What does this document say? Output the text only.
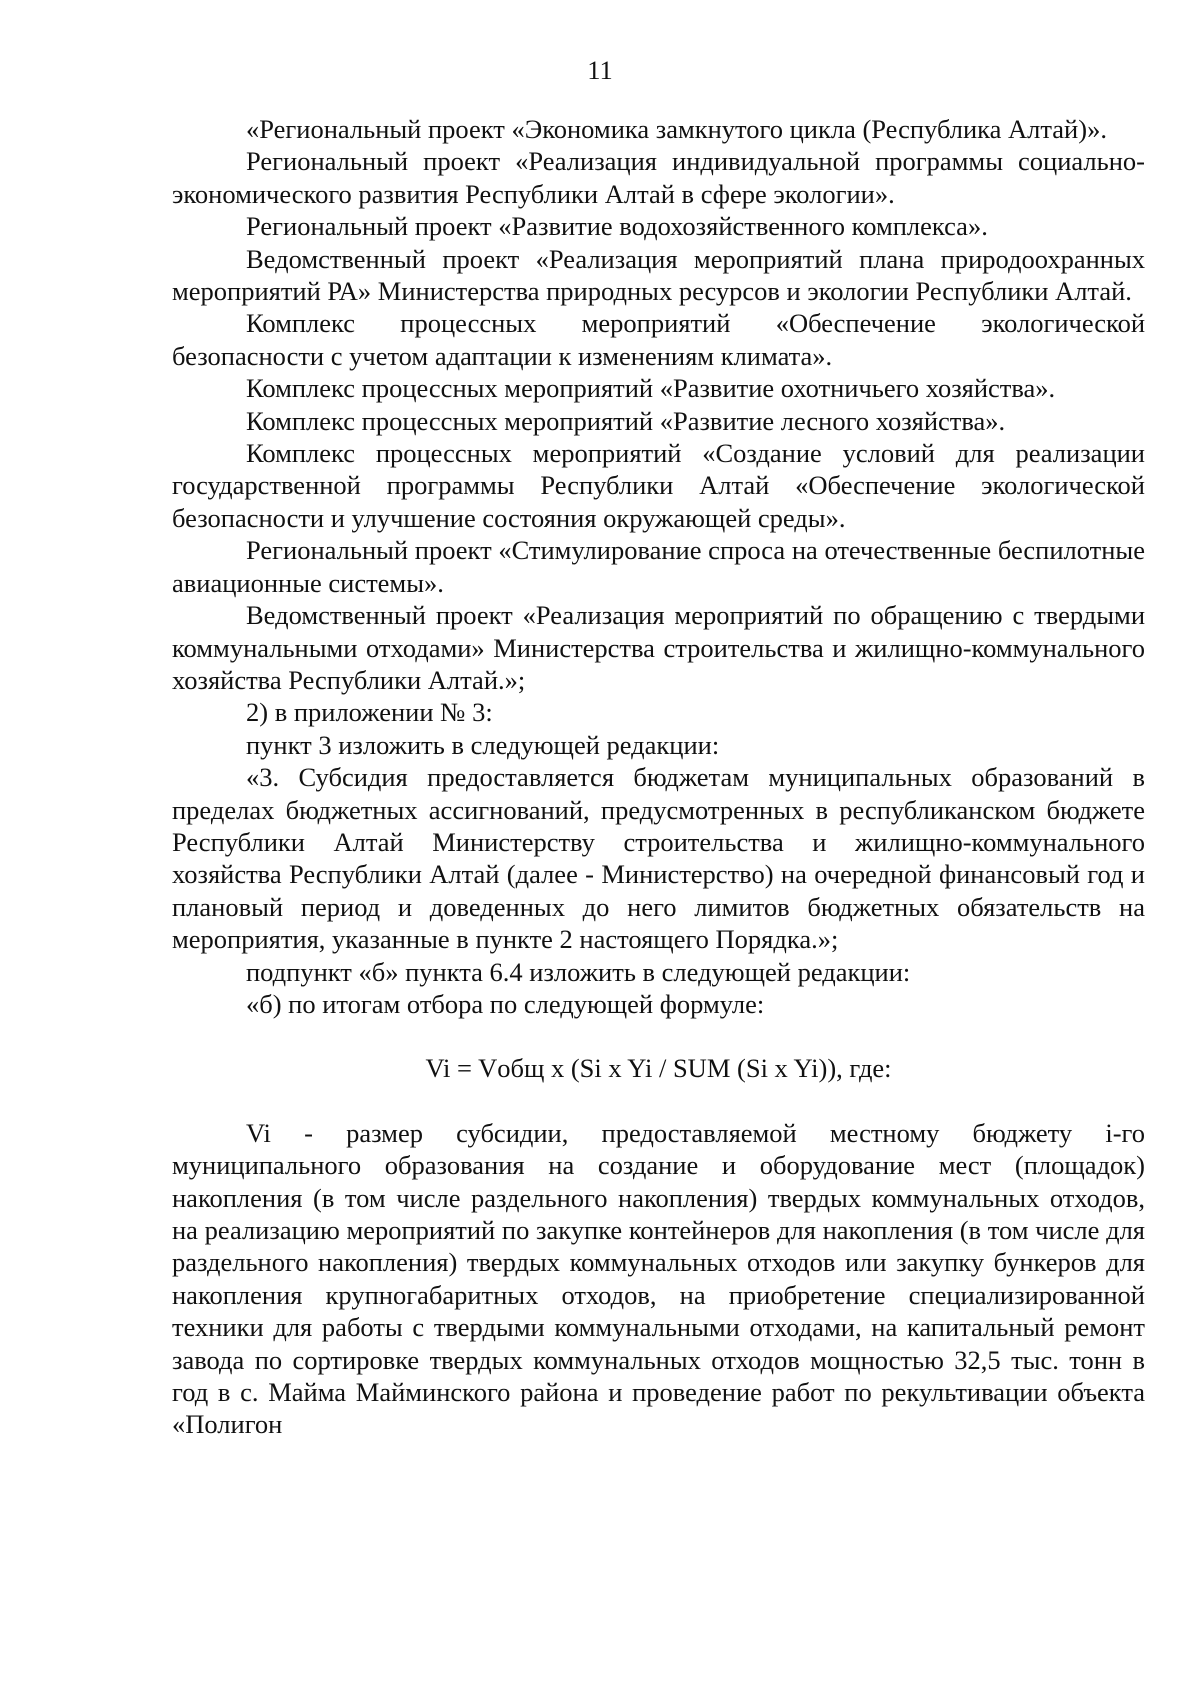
11

«Региональный проект «Экономика замкнутого цикла (Республика Алтай)».

Региональный проект «Реализация индивидуальной программы социально-экономического развития Республики Алтай в сфере экологии».

Региональный проект «Развитие водохозяйственного комплекса».

Ведомственный проект «Реализация мероприятий плана природоохранных мероприятий РА» Министерства природных ресурсов и экологии Республики Алтай.

Комплекс процессных мероприятий «Обеспечение экологической безопасности с учетом адаптации к изменениям климата».

Комплекс процессных мероприятий «Развитие охотничьего хозяйства».

Комплекс процессных мероприятий «Развитие лесного хозяйства».

Комплекс процессных мероприятий «Создание условий для реализации государственной программы Республики Алтай «Обеспечение экологической безопасности и улучшение состояния окружающей среды».

Региональный проект «Стимулирование спроса на отечественные беспилотные авиационные системы».

Ведомственный проект «Реализация мероприятий по обращению с твердыми коммунальными отходами» Министерства строительства и жилищно-коммунального хозяйства Республики Алтай.»;

2) в приложении № 3:

пункт 3 изложить в следующей редакции:

«3. Субсидия предоставляется бюджетам муниципальных образований в пределах бюджетных ассигнований, предусмотренных в республиканском бюджете Республики Алтай Министерству строительства и жилищно-коммунального хозяйства Республики Алтай (далее - Министерство) на очередной финансовый год и плановый период и доведенных до него лимитов бюджетных обязательств на мероприятия, указанные в пункте 2 настоящего Порядка.»;

подпункт «б» пункта 6.4 изложить в следующей редакции:

«б) по итогам отбора по следующей формуле:

Vi = Vобщ x (Si x Yi / SUM (Si x Yi)), где:

Vi - размер субсидии, предоставляемой местному бюджету i-го муниципального образования на создание и оборудование мест (площадок) накопления (в том числе раздельного накопления) твердых коммунальных отходов, на реализацию мероприятий по закупке контейнеров для накопления (в том числе для раздельного накопления) твердых коммунальных отходов или закупку бункеров для накопления крупногабаритных отходов, на приобретение специализированной техники для работы с твердыми коммунальными отходами, на капитальный ремонт завода по сортировке твердых коммунальных отходов мощностью 32,5 тыс. тонн в год в с. Майма Майминского района и проведение работ по рекультивации объекта «Полигон
